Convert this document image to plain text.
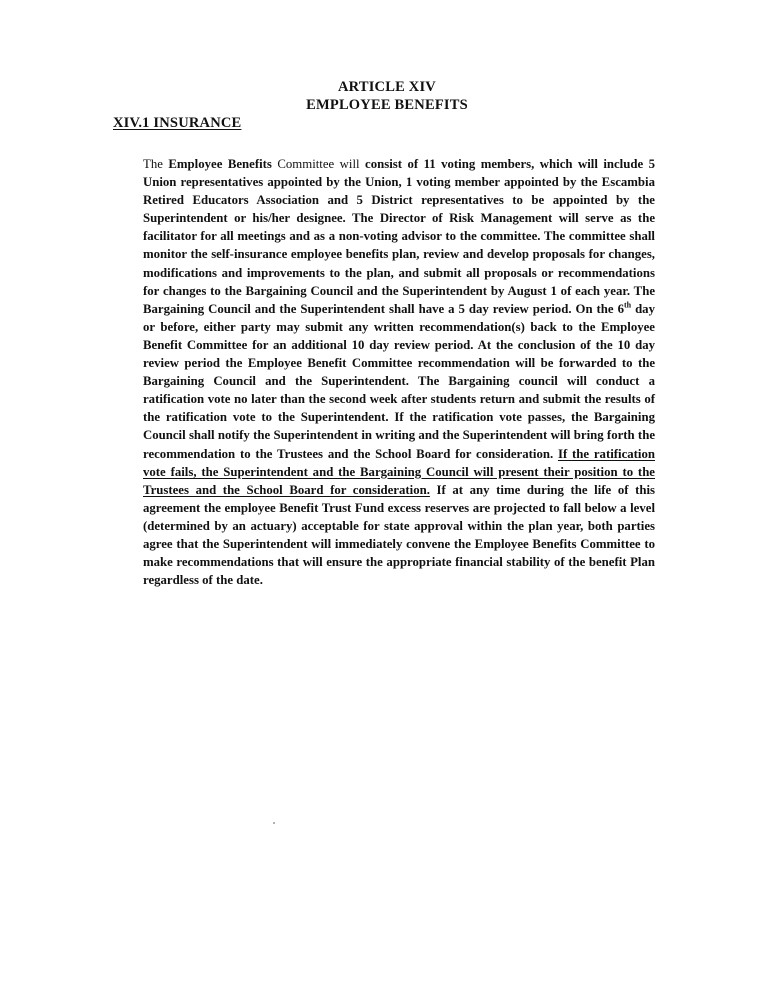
ARTICLE XIV
EMPLOYEE BENEFITS
XIV.1 INSURANCE
The Employee Benefits Committee will consist of 11 voting members, which will include 5 Union representatives appointed by the Union, 1 voting member appointed by the Escambia Retired Educators Association and 5 District representatives to be appointed by the Superintendent or his/her designee. The Director of Risk Management will serve as the facilitator for all meetings and as a non-voting advisor to the committee. The committee shall monitor the self-insurance employee benefits plan, review and develop proposals for changes, modifications and improvements to the plan, and submit all proposals or recommendations for changes to the Bargaining Council and the Superintendent by August 1 of each year. The Bargaining Council and the Superintendent shall have a 5 day review period. On the 6th day or before, either party may submit any written recommendation(s) back to the Employee Benefit Committee for an additional 10 day review period. At the conclusion of the 10 day review period the Employee Benefit Committee recommendation will be forwarded to the Bargaining Council and the Superintendent. The Bargaining council will conduct a ratification vote no later than the second week after students return and submit the results of the ratification vote to the Superintendent. If the ratification vote passes, the Bargaining Council shall notify the Superintendent in writing and the Superintendent will bring forth the recommendation to the Trustees and the School Board for consideration. If the ratification vote fails, the Superintendent and the Bargaining Council will present their position to the Trustees and the School Board for consideration. If at any time during the life of this agreement the employee Benefit Trust Fund excess reserves are projected to fall below a level (determined by an actuary) acceptable for state approval within the plan year, both parties agree that the Superintendent will immediately convene the Employee Benefits Committee to make recommendations that will ensure the appropriate financial stability of the benefit Plan regardless of the date.
